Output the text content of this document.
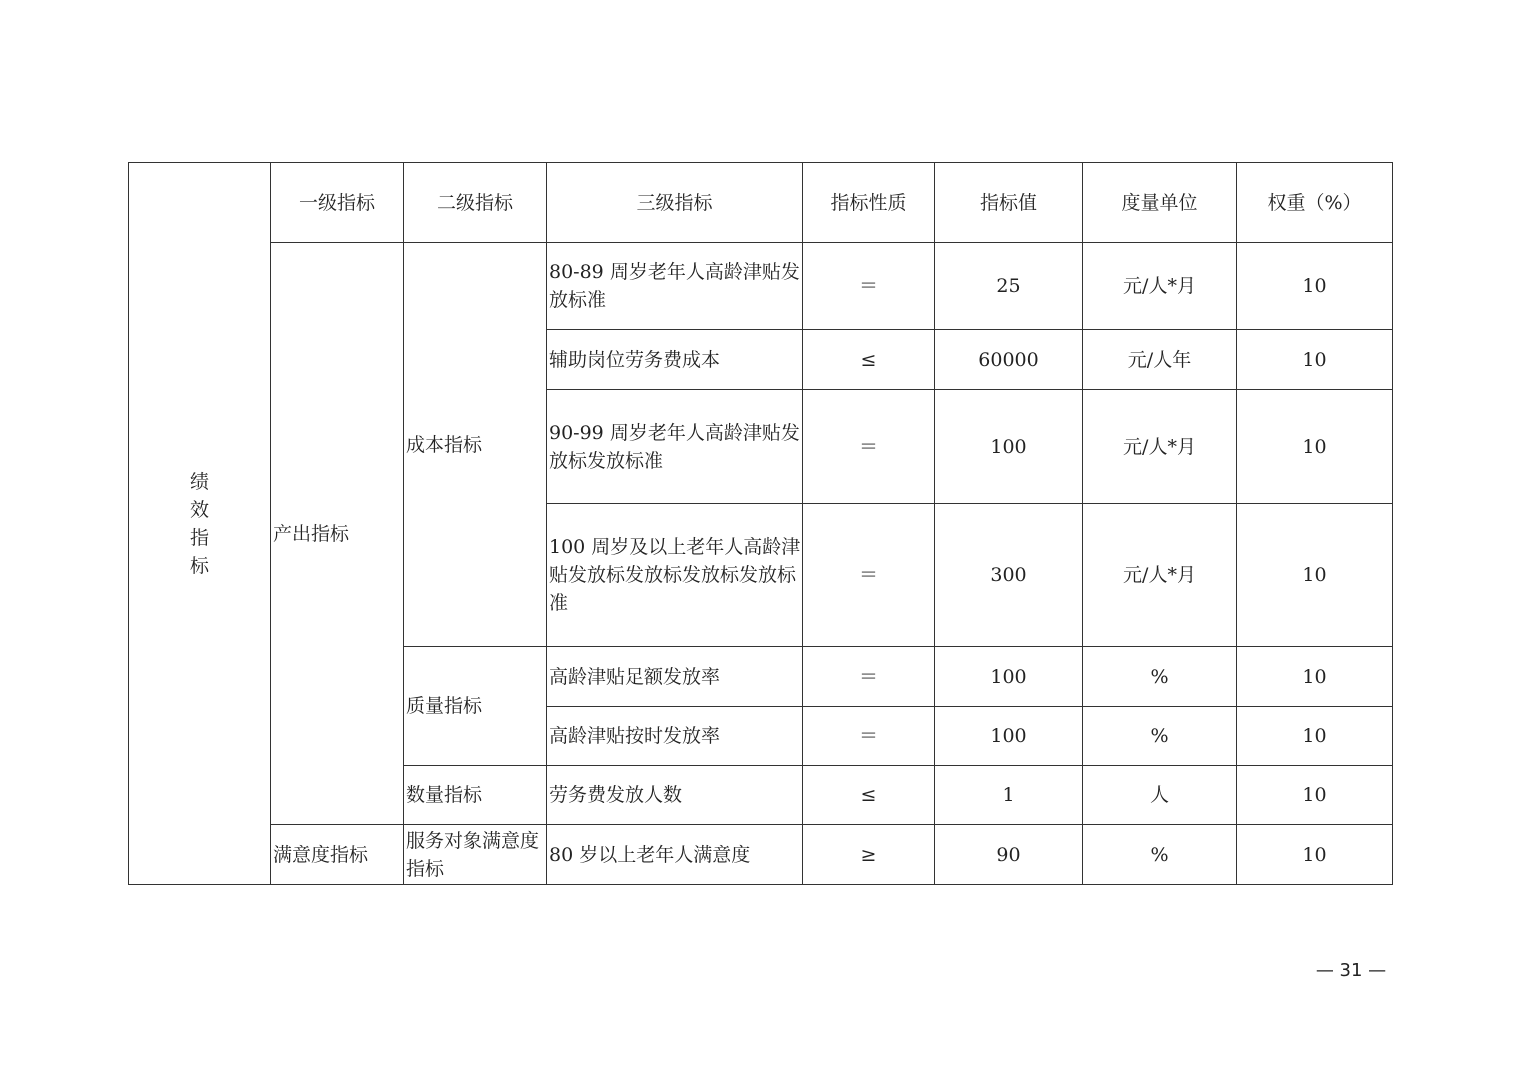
绩
效
指
标	一级指标	二级指标	三级指标	指标性质	指标值	度量单位	权重（%）
	产出指标	成本指标	80-89 周岁老年人高龄津贴发放标准	＝	25	元/人*月	10
			辅助岗位劳务费成本	≤	60000	元/人年	10
			90-99 周岁老年人高龄津贴发放标发放标准	＝	100	元/人*月	10
			100 周岁及以上老年人高龄津贴发放标发放标发放标发放标准	＝	300	元/人*月	10
		质量指标	高龄津贴足额发放率	＝	100	%	10
			高龄津贴按时发放率	＝	100	%	10
		数量指标	劳务费发放人数	≤	1	人	10
	满意度指标	服务对象满意度指标	80 岁以上老年人满意度	≥	90	%	10
— 31 —
